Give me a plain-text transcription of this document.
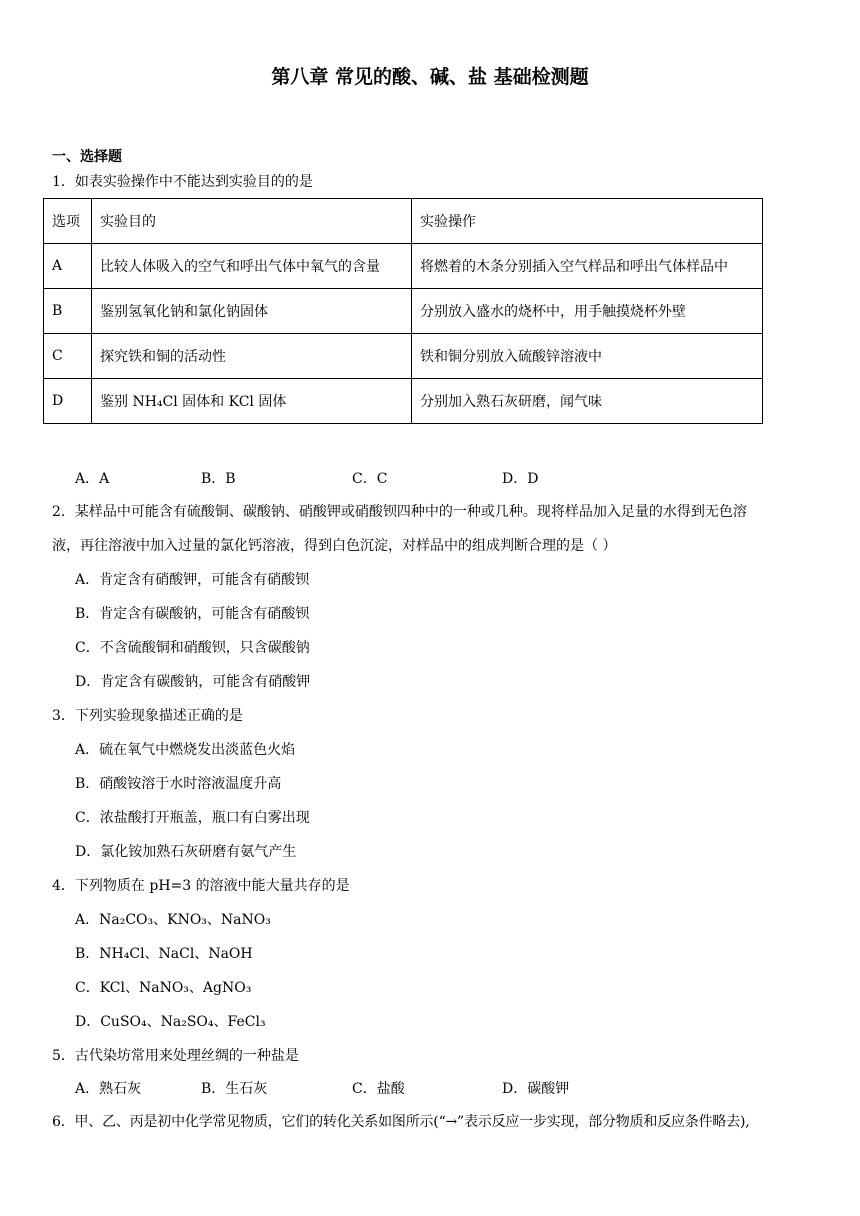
第八章 常见的酸、碱、盐 基础检测题
一、选择题
1．如表实验操作中不能达到实验目的的是
选项	实验目的	实验操作
A	比较人体吸入的空气和呼出气体中氧气的含量	将燃着的木条分别插入空气样品和呼出气体样品中
B	鉴别氢氧化钠和氯化钠固体	分别放入盛水的烧杯中，用手触摸烧杯外壁
C	探究铁和铜的活动性	铁和铜分别放入硫酸锌溶液中
D	鉴别 NH₄Cl 固体和 KCl 固体	分别加入熟石灰研磨，闻气味
A．A	B．B	C．C	D．D
2．某样品中可能含有硫酸铜、碳酸钠、硝酸钾或硝酸钡四种中的一种或几种。现将样品加入足量的水得到无色溶
液，再往溶液中加入过量的氯化钙溶液，得到白色沉淀，对样品中的组成判断合理的是（ ）
A．肯定含有硝酸钾，可能含有硝酸钡
B．肯定含有碳酸钠，可能含有硝酸钡
C．不含硫酸铜和硝酸钡，只含碳酸钠
D．肯定含有碳酸钠，可能含有硝酸钾
3．下列实验现象描述正确的是
A．硫在氧气中燃烧发出淡蓝色火焰
B．硝酸铵溶于水时溶液温度升高
C．浓盐酸打开瓶盖，瓶口有白雾出现
D．氯化铵加熟石灰研磨有氨气产生
4．下列物质在 pH=3 的溶液中能大量共存的是
A．Na₂CO₃、KNO₃、NaNO₃
B．NH₄Cl、NaCl、NaOH
C．KCl、NaNO₃、AgNO₃
D．CuSO₄、Na₂SO₄、FeCl₃
5．古代染坊常用来处理丝绸的一种盐是
A．熟石灰	B．生石灰	C．盐酸	D．碳酸钾
6．甲、乙、丙是初中化学常见物质，它们的转化关系如图所示(“→”表示反应一步实现，部分物质和反应条件略去),
